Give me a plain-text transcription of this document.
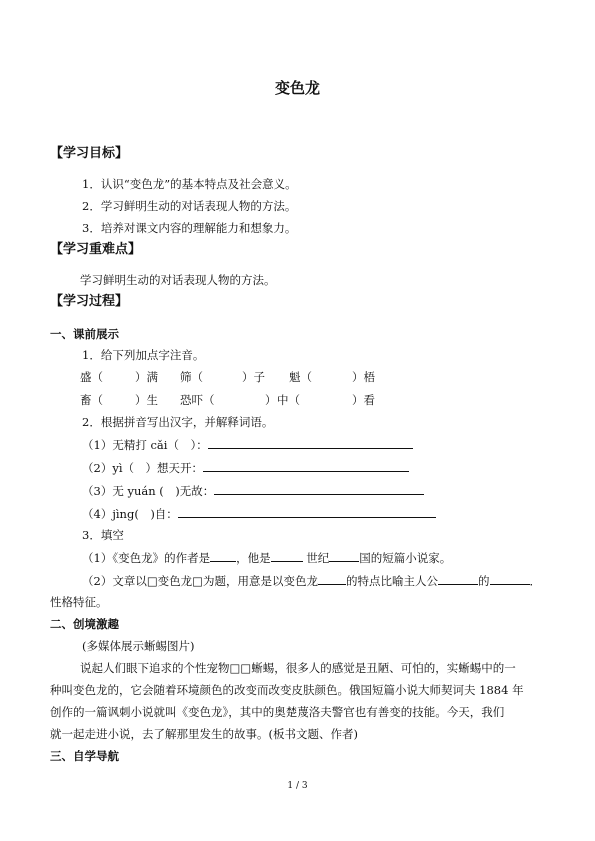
变色龙
【学习目标】
1．认识“变色龙”的基本特点及社会意义。
2．学习鲜明生动的对话表现人物的方法。
3．培养对课文内容的理解能力和想象力。
【学习重难点】
学习鲜明生动的对话表现人物的方法。
【学习过程】
一、课前展示
1．给下列加点字注音。
盛（	）满 筛（	）子 魁（	）梧
畜（	）生 恐吓（	） 中（	）看
2．根据拼音写出汉字，并解释词语。
（1）无精打 cǎi（　）：
（2）yì（　）想天开：
（3）无 yuán (　)无故：
（4）jìng(　)自：
3．填空
（1）《变色龙》的作者是 ，他是	世纪	国的短篇小说家。
（2）文章以□变色龙□为题，用意是以变色龙 的特点比喻主人公	的	．
性格特征。
二、创境激趣
(多媒体展示蜥蜴图片)
说起人们眼下追求的个性宠物□□蜥蜴，很多人的感觉是丑陋、可怕的，实蜥蜴中的一
种叫变色龙的，它会随着环境颜色的改变而改变皮肤颜色。俄国短篇小说大师契诃夫 1884 年
创作的一篇讽刺小说就叫《变色龙》，其中的奥楚蔑洛夫警官也有善变的技能。今天，我们
就一起走进小说，去了解那里发生的故事。(板书文题、作者)
三、自学导航
1 / 3
